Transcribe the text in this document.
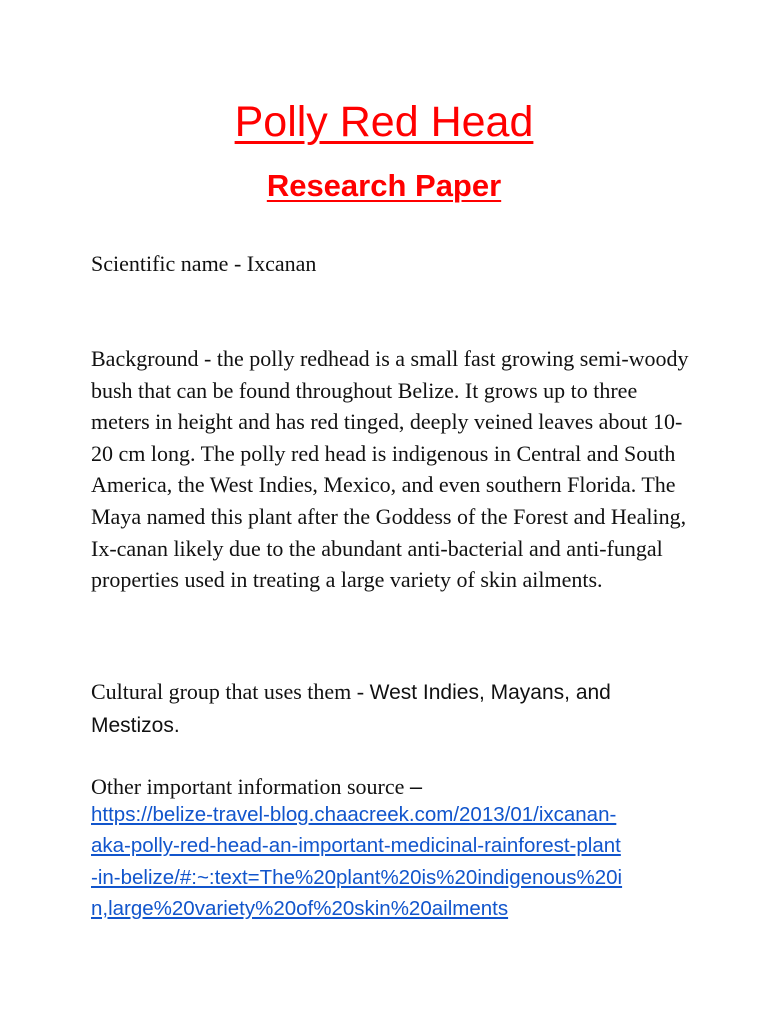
Polly Red Head
Research Paper

Scientific name - Ixcanan

Background - the polly redhead is a small fast growing semi-woody bush that can be found throughout Belize. It grows up to three meters in height and has red tinged, deeply veined leaves about 10-20 cm long. The polly red head is indigenous in Central and South America, the West Indies, Mexico, and even southern Florida. The Maya named this plant after the Goddess of the Forest and Healing, Ix-canan likely due to the abundant anti-bacterial and anti-fungal properties used in treating a large variety of skin ailments.

Cultural group that uses them - West Indies, Mayans, and Mestizos.

Other important information source –

https://belize-travel-blog.chaacreek.com/2013/01/ixcanan-
aka-polly-red-head-an-important-medicinal-rainforest-plant
-in-belize/#:~:text=The%20plant%20is%20indigenous%20i
n,large%20variety%20of%20skin%20ailments
